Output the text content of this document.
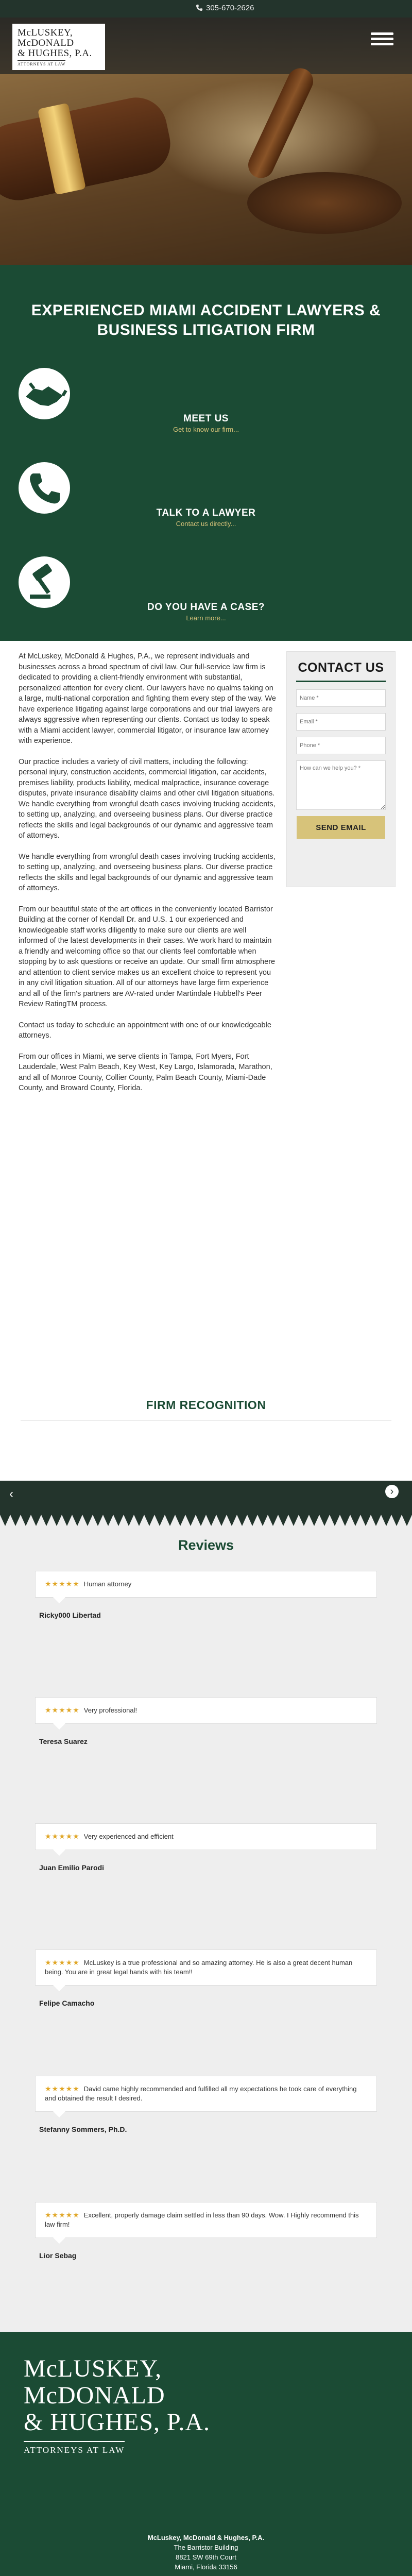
305-670-2626
McLUSKEY,
McDONALD
& HUGHES, P.A.
ATTORNEYS AT LAW
EXPERIENCED MIAMI ACCIDENT LAWYERS & BUSINESS LITIGATION FIRM
MEET US
Get to know our firm...
TALK TO A LAWYER
Contact us directly...
DO YOU HAVE A CASE?
Learn more...

At McLuskey, McDonald & Hughes, P.A., we represent individuals and businesses across a broad spectrum of civil law. Our full-service law firm is dedicated to providing a client-friendly environment with substantial, personalized attention for every client. Our lawyers have no qualms taking on a large, multi-national corporation and fighting them every step of the way. We have experience litigating against large corporations and our trial lawyers are always aggressive when representing our clients. Contact us today to speak with a Miami accident lawyer, commercial litigator, or insurance law attorney with experience.

Our practice includes a variety of civil matters, including the following: personal injury, construction accidents, commercial litigation, car accidents, premises liability, products liability, medical malpractice, insurance coverage disputes, private insurance disability claims and other civil litigation situations. We handle everything from wrongful death cases involving trucking accidents, to setting up, analyzing, and overseeing business plans. Our diverse practice reflects the skills and legal backgrounds of our dynamic and aggressive team of attorneys.

We handle everything from wrongful death cases involving trucking accidents, to setting up, analyzing, and overseeing business plans. Our diverse practice reflects the skills and legal backgrounds of our dynamic and aggressive team of attorneys.

From our beautiful state of the art offices in the conveniently located Barristor Building at the corner of Kendall Dr. and U.S. 1 our experienced and knowledgeable staff works diligently to make sure our clients are well informed of the latest developments in their cases. We work hard to maintain a friendly and welcoming office so that our clients feel comfortable when stopping by to ask questions or receive an update. Our small firm atmosphere and attention to client service makes us an excellent choice to represent you in any civil litigation situation. All of our attorneys have large firm experience and all of the firm's partners are AV-rated under Martindale Hubbell's Peer Review RatingTM process.

Contact us today to schedule an appointment with one of our knowledgeable attorneys.

From our offices in Miami, we serve clients in Tampa, Fort Myers, Fort Lauderdale, West Palm Beach, Key West, Key Largo, Islamorada, Marathon, and all of Monroe County, Collier County, Palm Beach County, Miami-Dade County, and Broward County, Florida.

CONTACT US
Name *
Email *
Phone *
How can we help you? *
SEND EMAIL
FIRM RECOGNITION
‹	›
Reviews
★★★★★ Human attorney
Ricky000 Libertad
★★★★★ Very professional!
Teresa Suarez
★★★★★ Very experienced and efficient
Juan Emilio Parodi
★★★★★ McLuskey is a true professional and so amazing attorney. He is also a great decent human being. You are in great legal hands with his team!!
Felipe Camacho
★★★★★ David came highly recommended and fulfilled all my expectations he took care of everything and obtained the result I desired.
Stefanny Sommers, Ph.D.
★★★★★ Excellent, properly damage claim settled in less than 90 days. Wow. I Highly recommend this law firm!
Lior Sebag
McLUSKEY,
McDONALD
& HUGHES, P.A.
ATTORNEYS AT LAW
McLuskey, McDonald & Hughes, P.A.
The Barristor Building
8821 SW 69th Court
Miami, Florida 33156
